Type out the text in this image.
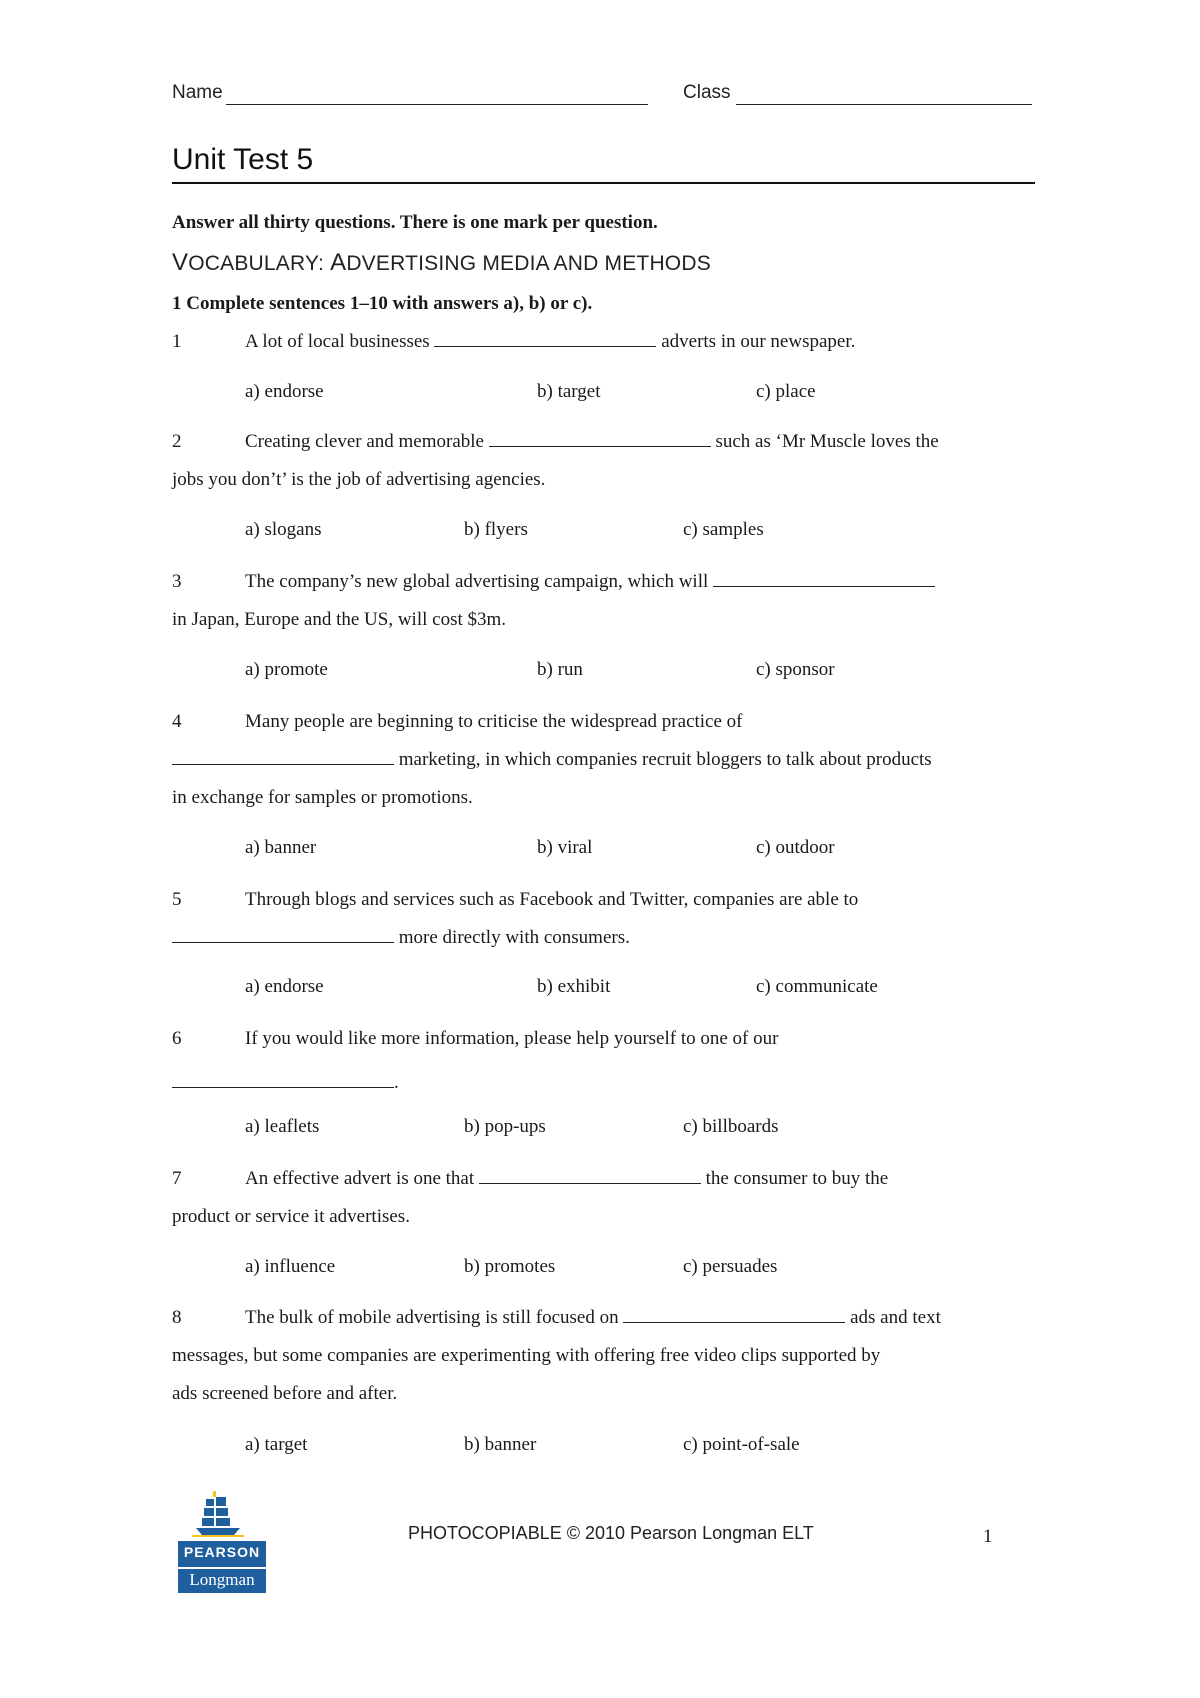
Name	Class
Unit Test 5
Answer all thirty questions. There is one mark per question.
VOCABULARY: ADVERTISING MEDIA AND METHODS
1 Complete sentences 1–10 with answers a), b) or c).
1	A lot of local businesses	adverts in our newspaper.
a) endorse	b) target	c) place
2	Creating clever and memorable	such as ‘Mr Muscle loves the
jobs you don’t’ is the job of advertising agencies.
a) slogans	b) flyers	c) samples
3	The company’s new global advertising campaign, which will
in Japan, Europe and the US, will cost $3m.
a) promote	b) run	c) sponsor
4	Many people are beginning to criticise the widespread practice of
marketing, in which companies recruit bloggers to talk about products
in exchange for samples or promotions.
a) banner	b) viral	c) outdoor
5	Through blogs and services such as Facebook and Twitter, companies are able to
more directly with consumers.
a) endorse	b) exhibit	c) communicate
6	If you would like more information, please help yourself to one of our
.
a) leaflets	b) pop-ups	c) billboards
7	An effective advert is one that	the consumer to buy the
product or service it advertises.
a) influence	b) promotes	c) persuades
8	The bulk of mobile advertising is still focused on	ads and text
messages, but some companies are experimenting with offering free video clips supported by
ads screened before and after.
a) target	b) banner	c) point-of-sale
PEARSON
Longman
PHOTOCOPIABLE © 2010 Pearson Longman ELT	1
